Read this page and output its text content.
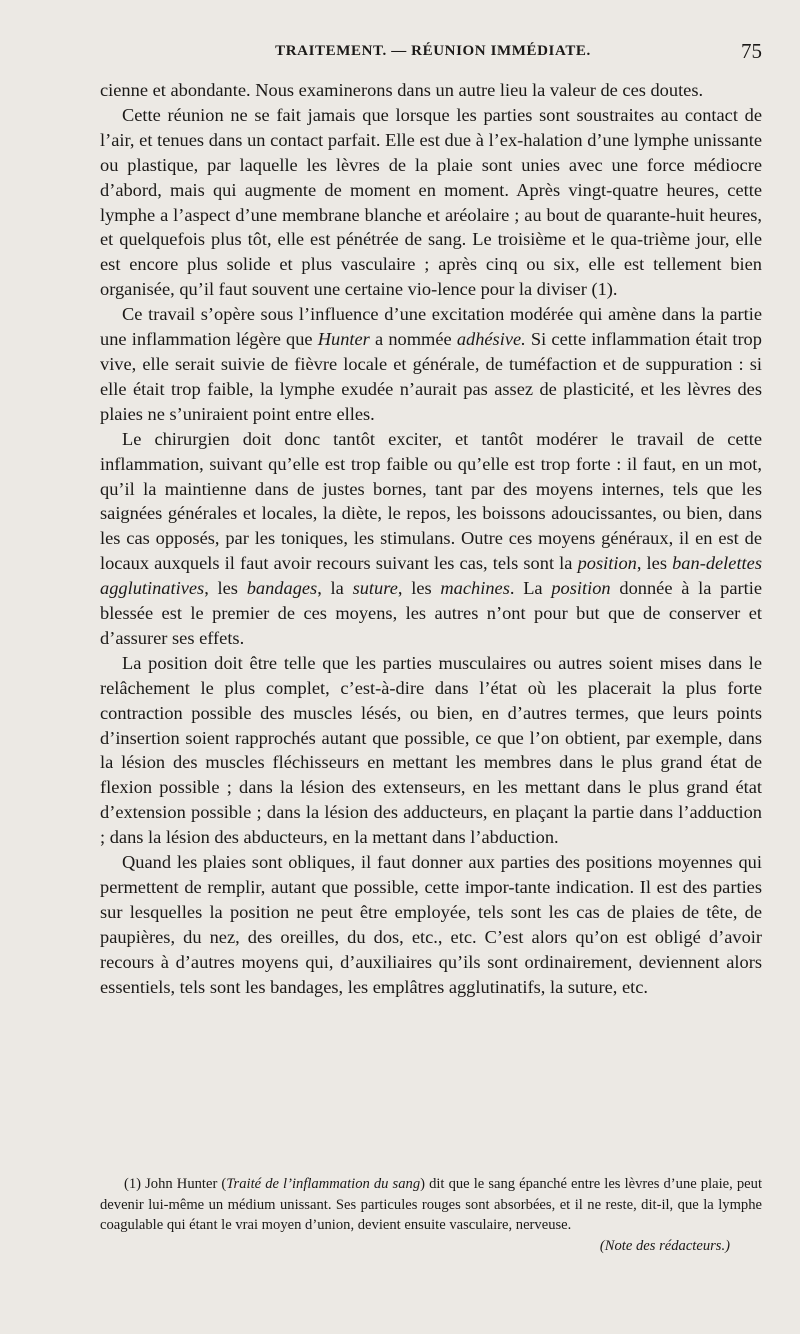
TRAITEMENT. — RÉUNION IMMÉDIATE.	75

cienne et abondante. Nous examinerons dans un autre lieu la valeur de ces doutes.

Cette réunion ne se fait jamais que lorsque les parties sont soustraites au contact de l’air, et tenues dans un contact parfait. Elle est due à l’ex-halation d’une lymphe unissante ou plastique, par laquelle les lèvres de la plaie sont unies avec une force médiocre d’abord, mais qui augmente de moment en moment. Après vingt-quatre heures, cette lymphe a l’aspect d’une membrane blanche et aréolaire ; au bout de quarante-huit heures, et quelquefois plus tôt, elle est pénétrée de sang. Le troisième et le qua-trième jour, elle est encore plus solide et plus vasculaire ; après cinq ou six, elle est tellement bien organisée, qu’il faut souvent une certaine vio-lence pour la diviser (1).

Ce travail s’opère sous l’influence d’une excitation modérée qui amène dans la partie une inflammation légère que Hunter a nommée adhésive. Si cette inflammation était trop vive, elle serait suivie de fièvre locale et générale, de tuméfaction et de suppuration : si elle était trop faible, la lymphe exudée n’aurait pas assez de plasticité, et les lèvres des plaies ne s’uniraient point entre elles.

Le chirurgien doit donc tantôt exciter, et tantôt modérer le travail de cette inflammation, suivant qu’elle est trop faible ou qu’elle est trop forte : il faut, en un mot, qu’il la maintienne dans de justes bornes, tant par des moyens internes, tels que les saignées générales et locales, la diète, le repos, les boissons adoucissantes, ou bien, dans les cas opposés, par les toniques, les stimulans. Outre ces moyens généraux, il en est de locaux auxquels il faut avoir recours suivant les cas, tels sont la position, les ban-delettes agglutinatives, les bandages, la suture, les machines. La position donnée à la partie blessée est le premier de ces moyens, les autres n’ont pour but que de conserver et d’assurer ses effets.

La position doit être telle que les parties musculaires ou autres soient mises dans le relâchement le plus complet, c’est-à-dire dans l’état où les placerait la plus forte contraction possible des muscles lésés, ou bien, en d’autres termes, que leurs points d’insertion soient rapprochés autant que possible, ce que l’on obtient, par exemple, dans la lésion des muscles fléchisseurs en mettant les membres dans le plus grand état de flexion possible ; dans la lésion des extenseurs, en les mettant dans le plus grand état d’extension possible ; dans la lésion des adducteurs, en plaçant la partie dans l’adduction ; dans la lésion des abducteurs, en la mettant dans l’abduction.

Quand les plaies sont obliques, il faut donner aux parties des positions moyennes qui permettent de remplir, autant que possible, cette impor-tante indication. Il est des parties sur lesquelles la position ne peut être employée, tels sont les cas de plaies de tête, de paupières, du nez, des oreilles, du dos, etc., etc. C’est alors qu’on est obligé d’avoir recours à d’autres moyens qui, d’auxiliaires qu’ils sont ordinairement, deviennent alors essentiels, tels sont les bandages, les emplâtres agglutinatifs, la suture, etc.

(1) John Hunter (Traité de l’inflammation du sang) dit que le sang épanché entre les lèvres d’une plaie, peut devenir lui-même un médium unissant. Ses particules rouges sont absorbées, et il ne reste, dit-il, que la lymphe coagulable qui étant le vrai moyen d’union, devient ensuite vasculaire, nerveuse.

(Note des rédacteurs.)
